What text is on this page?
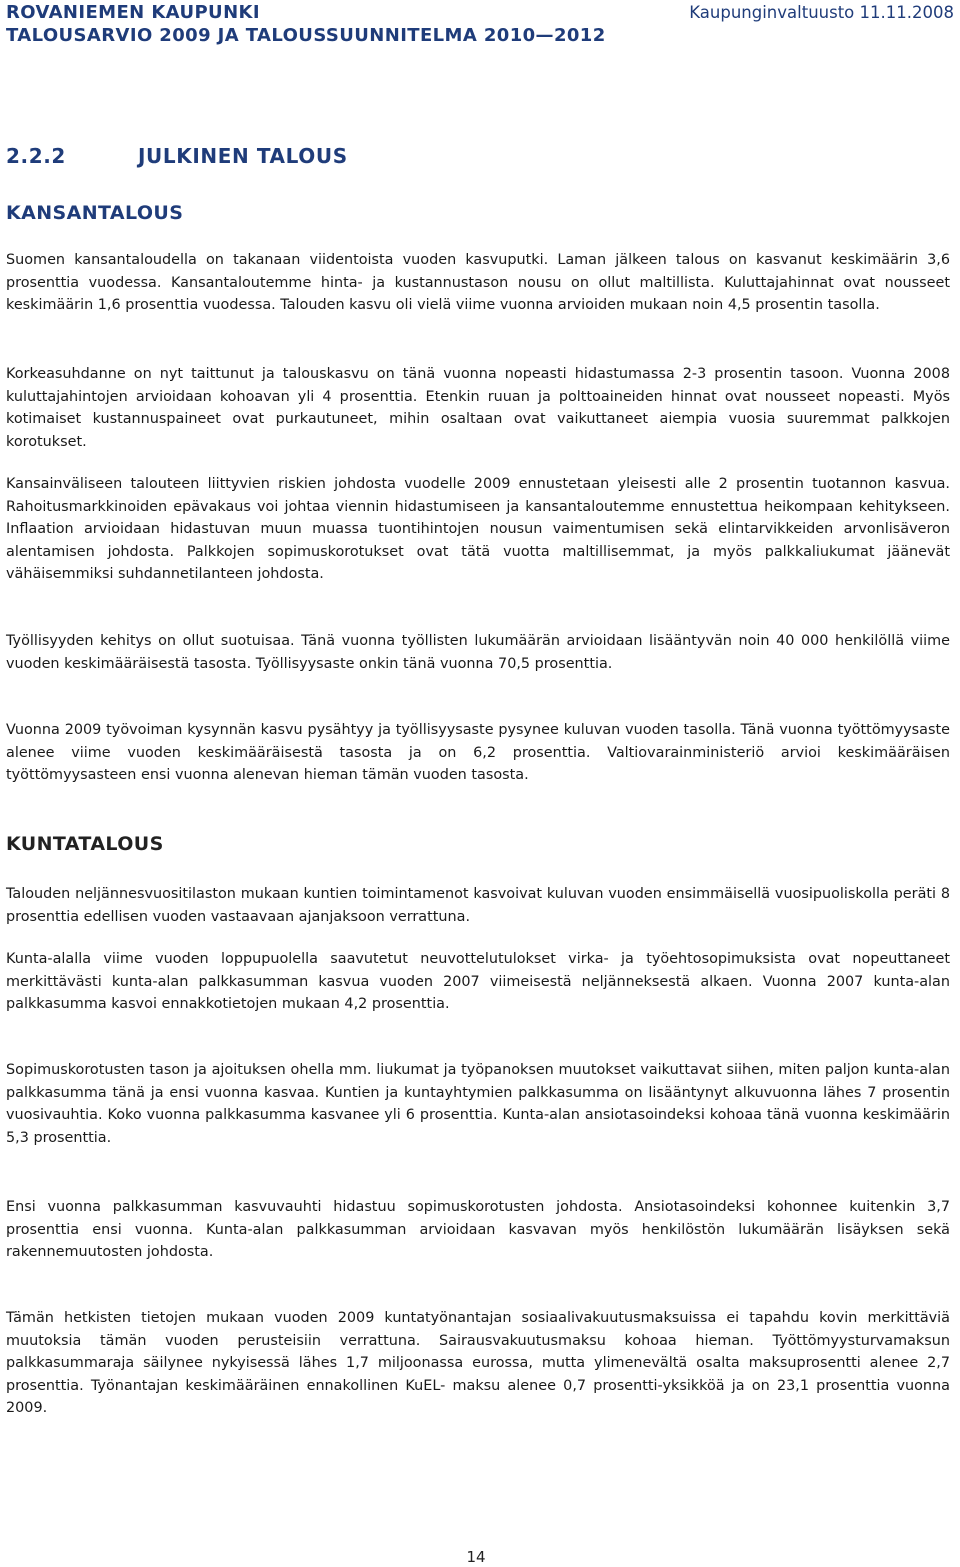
ROVANIEMEN KAUPUNKI
TALOUSARVIO 2009 JA TALOUSSUUNNITELMA 2010—2012
Kaupunginvaltuusto 11.11.2008
2.2.2	JULKINEN TALOUS
KANSANTALOUS

Suomen kansantaloudella on takanaan viidentoista vuoden kasvuputki. Laman jälkeen talous on kasvanut keskimäärin 3,6 prosenttia vuodessa. Kansantaloutemme hinta- ja kustannustason nousu on ollut maltillista. Kuluttajahinnat ovat nousseet keskimäärin 1,6 prosenttia vuodessa. Talouden kasvu oli vielä viime vuonna arvioiden mukaan noin 4,5 prosentin tasolla.

Korkeasuhdanne on nyt taittunut ja talouskasvu on tänä vuonna nopeasti hidastumassa 2-3 prosentin tasoon. Vuonna 2008 kuluttajahintojen arvioidaan kohoavan yli 4 prosenttia. Etenkin ruuan ja polttoaineiden hinnat ovat nousseet nopeasti. Myös kotimaiset kustannuspaineet ovat purkautuneet, mihin osaltaan ovat vaikuttaneet aiempia vuosia suuremmat palkkojen korotukset.

Kansainväliseen talouteen liittyvien riskien johdosta vuodelle 2009 ennustetaan yleisesti alle 2 prosentin tuotannon kasvua. Rahoitusmarkkinoiden epävakaus voi johtaa viennin hidastumiseen ja kansantaloutemme ennustettua heikompaan kehitykseen. Inflaation arvioidaan hidastuvan muun muassa tuontihintojen nousun vaimentumisen sekä elintarvikkeiden arvonlisäveron alentamisen johdosta. Palkkojen sopimuskorotukset ovat tätä vuotta maltillisemmat, ja myös palkkaliukumat jäänevät vähäisemmiksi suhdannetilanteen johdosta.

Työllisyyden kehitys on ollut suotuisaa. Tänä vuonna työllisten lukumäärän arvioidaan lisääntyvän noin 40 000 henkilöllä viime vuoden keskimääräisestä tasosta. Työllisyysaste onkin tänä vuonna 70,5 prosenttia.

Vuonna 2009 työvoiman kysynnän kasvu pysähtyy ja työllisyysaste pysynee kuluvan vuoden tasolla. Tänä vuonna työttömyysaste alenee viime vuoden keskimääräisestä tasosta ja on 6,2 prosenttia. Valtiovarainministeriö arvioi keskimääräisen työttömyysasteen ensi vuonna alenevan hieman tämän vuoden tasosta.

KUNTATALOUS

Talouden neljännesvuositilaston mukaan kuntien toimintamenot kasvoivat kuluvan vuoden ensimmäisellä vuosipuoliskolla peräti 8 prosenttia edellisen vuoden vastaavaan ajanjaksoon verrattuna.

Kunta-alalla viime vuoden loppupuolella saavutetut neuvottelutulokset virka- ja työehtosopimuksista ovat nopeuttaneet merkittävästi kunta-alan palkkasumman kasvua vuoden 2007 viimeisestä neljänneksestä alkaen. Vuonna 2007 kunta-alan palkkasumma kasvoi ennakkotietojen mukaan 4,2 prosenttia.

Sopimuskorotusten tason ja ajoituksen ohella mm. liukumat ja työpanoksen muutokset vaikuttavat siihen, miten paljon kunta-alan palkkasumma tänä ja ensi vuonna kasvaa. Kuntien ja kuntayhtymien palkkasumma on lisääntynyt alkuvuonna lähes 7 prosentin vuosivauhtia. Koko vuonna palkkasumma kasvanee yli 6 prosenttia. Kunta-alan ansiotasoindeksi kohoaa tänä vuonna keskimäärin 5,3 prosenttia.

Ensi vuonna palkkasumman kasvuvauhti hidastuu sopimuskorotusten johdosta. Ansiotasoindeksi kohonnee kuitenkin 3,7 prosenttia ensi vuonna. Kunta-alan palkkasumman arvioidaan kasvavan myös henkilöstön lukumäärän lisäyksen sekä rakennemuutosten johdosta.

Tämän hetkisten tietojen mukaan vuoden 2009 kuntatyönantajan sosiaalivakuutusmaksuissa ei tapahdu kovin merkittäviä muutoksia tämän vuoden perusteisiin verrattuna. Sairausvakuutusmaksu kohoaa hieman. Työttömyysturvamaksun palkkasummaraja säilynee nykyisessä lähes 1,7 miljoonassa eurossa, mutta ylimenevältä osalta maksuprosentti alenee 2,7 prosenttia. Työnantajan keskimääräinen ennakollinen KuEL- maksu alenee 0,7 prosentti-yksikköä ja on 23,1 prosenttia vuonna 2009.

14
